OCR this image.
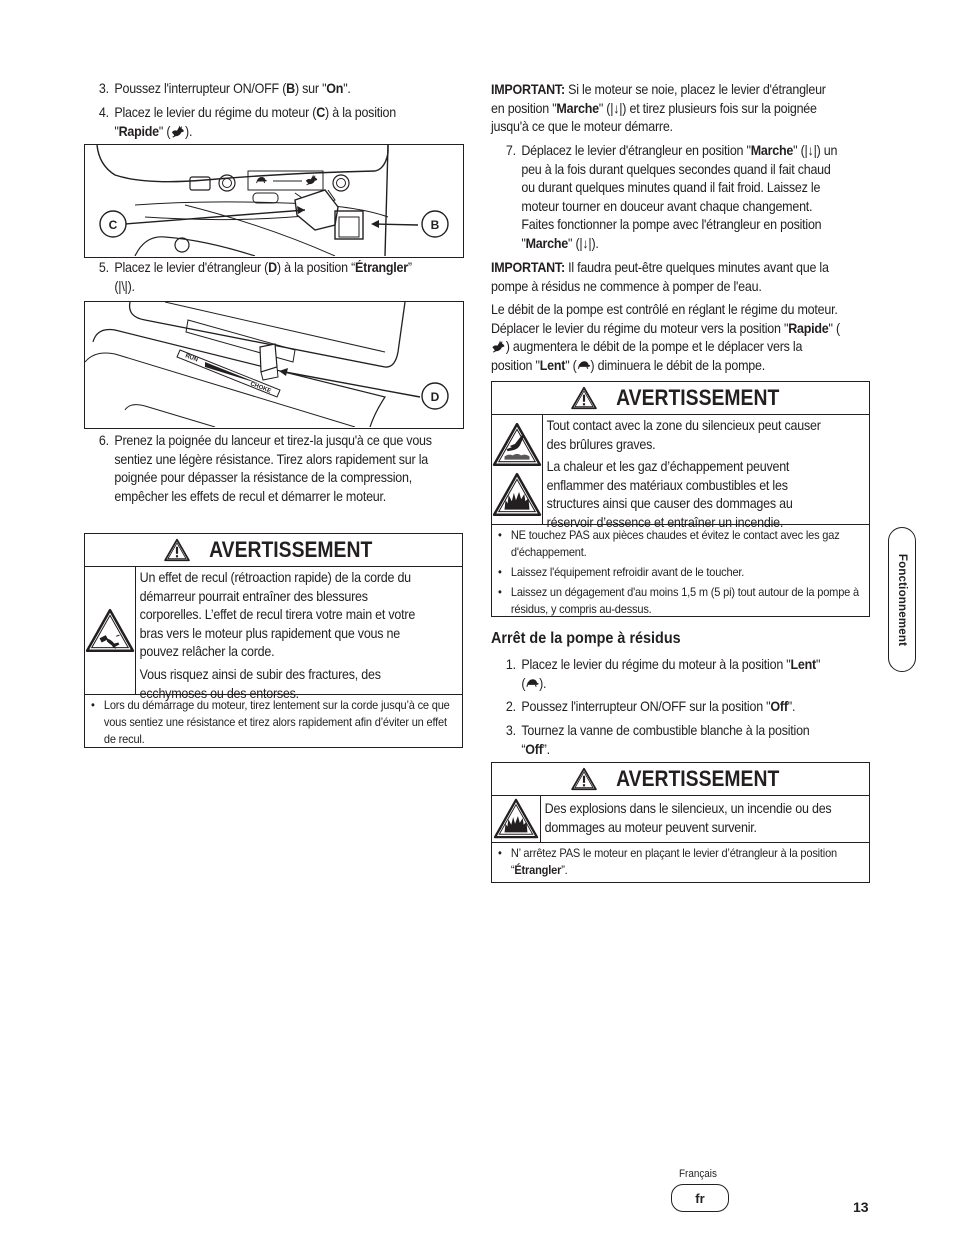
3. Poussez l'interrupteur ON/OFF (B) sur "On".
4. Placez le levier du régime du moteur (C) à la position "Rapide" ( ).
C	B
5. Placez le levier d'étrangleur (D) à la position “Étrangler”
(|\|).
RUN
CHOKE
D
6. Prenez la poignée du lanceur et tirez-la jusqu'à ce que vous sentiez une légère résistance. Tirez alors rapidement sur la poignée pour dépasser la résistance de la compression, empêcher les effets de recul et démarrer le moteur.
AVERTISSEMENT

Un effet de recul (rétroaction rapide) de la corde du démarreur pourrait entraîner des blessures corporelles. L’effet de recul tirera votre main et votre bras vers le moteur plus rapidement que vous ne pouvez relâcher la corde.

Vous risquez ainsi de subir des fractures, des ecchymoses ou des entorses.

• Lors du démarrage du moteur, tirez lentement sur la corde jusqu’à ce que vous sentiez une résistance et tirez alors rapidement afin d’éviter un effet de recul.
IMPORTANT: Si le moteur se noie, placez le levier d'étrangleur en position "Marche" (|↓|) et tirez plusieurs fois sur la poignée jusqu'à ce que le moteur démarre.
7. Déplacez le levier d'étrangleur en position "Marche" (|↓|) un peu à la fois durant quelques secondes quand il fait chaud ou durant quelques minutes quand il fait froid. Laissez le moteur tourner en douceur avant chaque changement. Faites fonctionner la pompe avec l'étrangleur en position "Marche" (|↓|).
IMPORTANT: Il faudra peut-être quelques minutes avant que la pompe à résidus ne commence à pomper de l'eau.
Le débit de la pompe est contrôlé en réglant le régime du moteur. Déplacer le levier du régime du moteur vers la position "Rapide" () augmentera le débit de la pompe et le déplacer vers la position "Lent" ( ) diminuera le débit de la pompe.
AVERTISSEMENT

Tout contact avec la zone du silencieux peut causer des brûlures graves.

La chaleur et les gaz d’échappement peuvent enflammer des matériaux combustibles et les structures ainsi que causer des dommages au réservoir d’essence et entraîner un incendie.

• NE touchez PAS aux pièces chaudes et évitez le contact avec les gaz d'échappement.
• Laissez l'équipement refroidir avant de le toucher.
• Laissez un dégagement d'au moins 1,5 m (5 pi) tout autour de la pompe à résidus, y compris au-dessus.
Arrêt de la pompe à résidus
1. Placez le levier du régime du moteur à la position "Lent"
( ).
2. Poussez l'interrupteur ON/OFF sur la position "Off".
3. Tournez la vanne de combustible blanche à la position “Off”.
AVERTISSEMENT

Des explosions dans le silencieux, un incendie ou des dommages au moteur peuvent survenir.

• N’ arrêtez PAS le moteur en plaçant le levier d’étrangleur à la position “Étrangler”.
Fonctionnement
Français
fr
13
